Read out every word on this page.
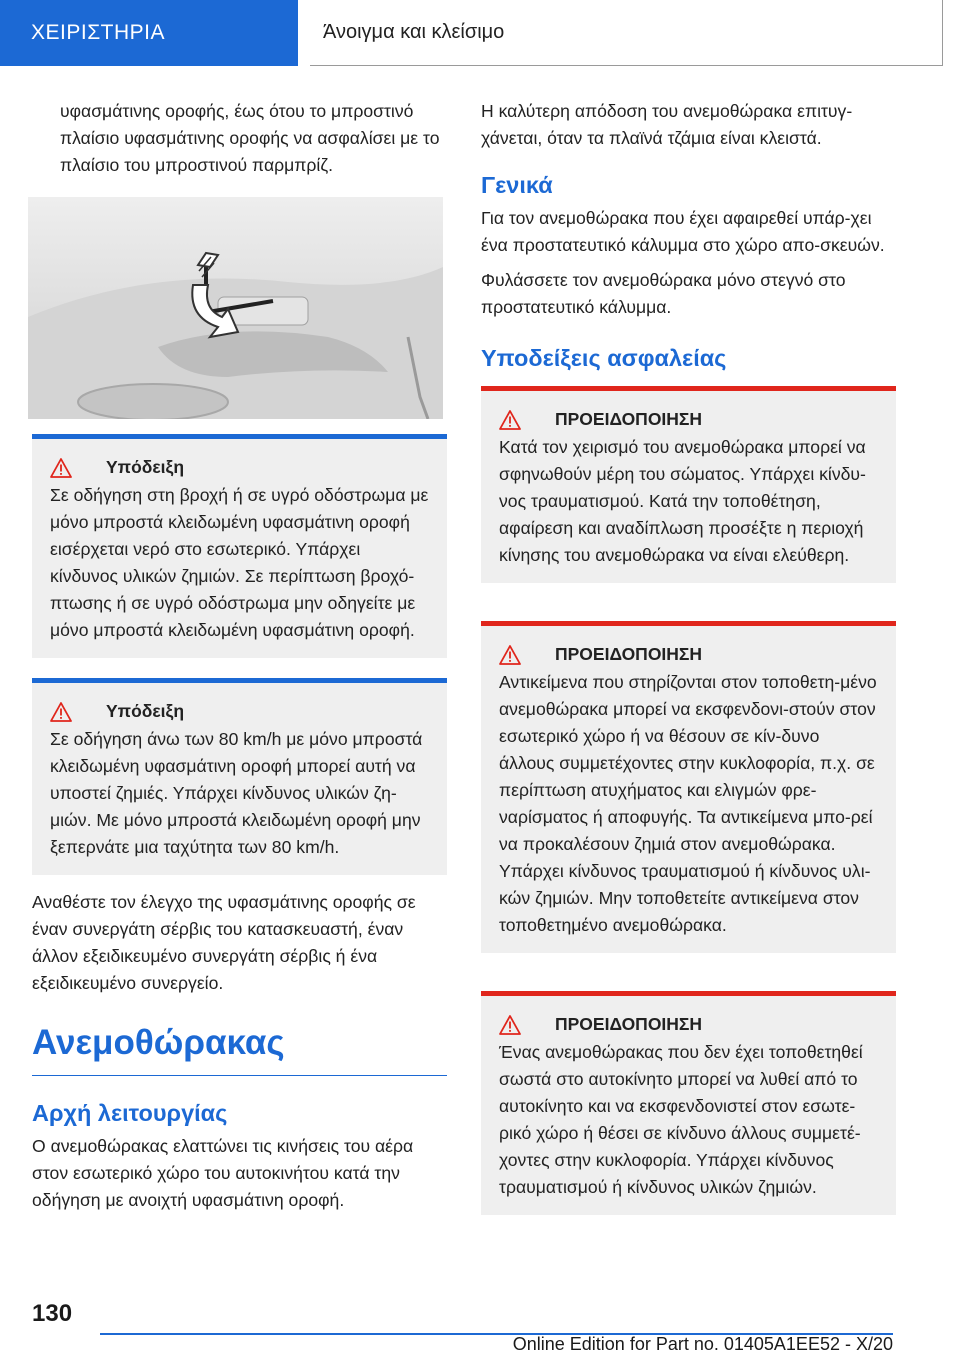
ΧΕΙΡΙΣΤΗΡΙΑ	Άνοιγμα και κλείσιμο

υφασμάτινης οροφής, έως ότου το μπροστινό πλαίσιο υφασμάτινης οροφής να ασφαλίσει με το πλαίσιο του μπροστινού παρμπρίζ.

Υπόδειξη

Σε οδήγηση στη βροχή ή σε υγρό οδόστρωμα με μόνο μπροστά κλειδωμένη υφασμάτινη οροφή εισέρχεται νερό στο εσωτερικό. Υπάρχει κίνδυνος υλικών ζημιών. Σε περίπτωση βροχό-πτωσης ή σε υγρό οδόστρωμα μην οδηγείτε με μόνο μπροστά κλειδωμένη υφασμάτινη οροφή.

Υπόδειξη

Σε οδήγηση άνω των 80 km/h με μόνο μπροστά κλειδωμένη υφασμάτινη οροφή μπορεί αυτή να υποστεί ζημιές. Υπάρχει κίνδυνος υλικών ζη-μιών. Με μόνο μπροστά κλειδωμένη οροφή μην ξεπερνάτε μια ταχύτητα των 80 km/h.

Αναθέστε τον έλεγχο της υφασμάτινης οροφής σε έναν συνεργάτη σέρβις του κατασκευαστή, έναν άλλον εξειδικευμένο συνεργάτη σέρβις ή ένα εξειδικευμένο συνεργείο.

Ανεμοθώρακας
Αρχή λειτουργίας

Ο ανεμοθώρακας ελαττώνει τις κινήσεις του αέρα στον εσωτερικό χώρο του αυτοκινήτου κατά την οδήγηση με ανοιχτή υφασμάτινη οροφή.

Η καλύτερη απόδοση του ανεμοθώρακα επιτυγ-χάνεται, όταν τα πλαϊνά τζάμια είναι κλειστά.

Γενικά

Για τον ανεμοθώρακα που έχει αφαιρεθεί υπάρ-χει ένα προστατευτικό κάλυμμα στο χώρο απο-σκευών.

Φυλάσσετε τον ανεμοθώρακα μόνο στεγνό στο προστατευτικό κάλυμμα.

Υποδείξεις ασφαλείας
ΠΡΟΕΙΔΟΠΟΙΗΣΗ

Κατά τον χειρισμό του ανεμοθώρακα μπορεί να σφηνωθούν μέρη του σώματος. Υπάρχει κίνδυ-νος τραυματισμού. Κατά την τοποθέτηση, αφαίρεση και αναδίπλωση προσέξτε η περιοχή κίνησης του ανεμοθώρακα να είναι ελεύθερη.

ΠΡΟΕΙΔΟΠΟΙΗΣΗ

Αντικείμενα που στηρίζονται στον τοποθετη-μένο ανεμοθώρακα μπορεί να εκσφενδονι-στούν στον εσωτερικό χώρο ή να θέσουν σε κίν-δυνο άλλους συμμετέχοντες στην κυκλοφορία, π.χ. σε περίπτωση ατυχήματος και ελιγμών φρε-ναρίσματος ή αποφυγής. Τα αντικείμενα μπο-ρεί να προκαλέσουν ζημιά στον ανεμοθώρακα. Υπάρχει κίνδυνος τραυματισμού ή κίνδυνος υλι-κών ζημιών. Μην τοποθετείτε αντικείμενα στον τοποθετημένο ανεμοθώρακα.

ΠΡΟΕΙΔΟΠΟΙΗΣΗ

Ένας ανεμοθώρακας που δεν έχει τοποθετηθεί σωστά στο αυτοκίνητο μπορεί να λυθεί από το αυτοκίνητο και να εκσφενδονιστεί στον εσωτε-ρικό χώρο ή θέσει σε κίνδυνο άλλους συμμετέ-χοντες στην κυκλοφορία. Υπάρχει κίνδυνος τραυματισμού ή κίνδυνος υλικών ζημιών.

130
Online Edition for Part no. 01405A1EE52 - X/20
